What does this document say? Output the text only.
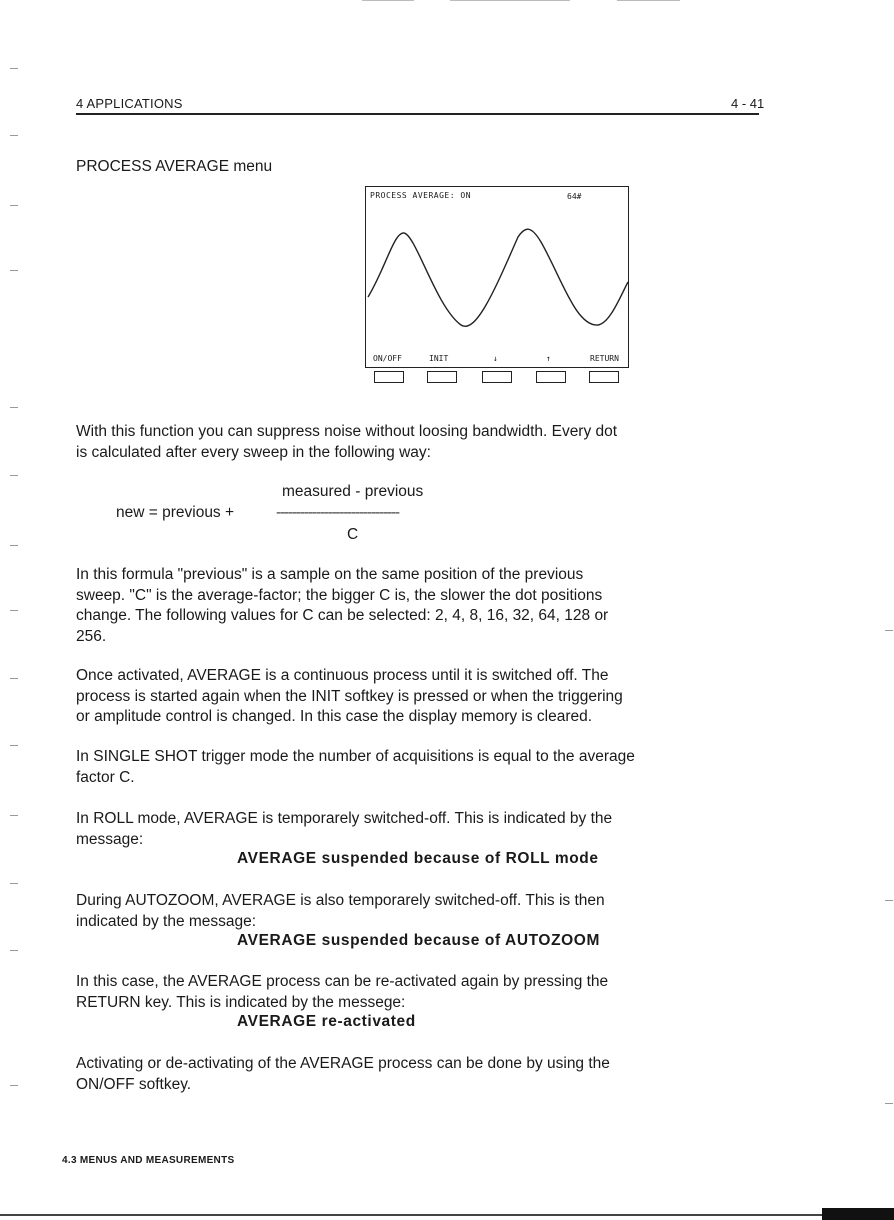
4 APPLICATIONS	4 - 41
PROCESS AVERAGE menu
PROCESS AVERAGE: ON	64#
ON/OFF	INIT	↓	↑	RETURN
With this function you can suppress noise without loosing bandwidth. Every dot
is calculated after every sweep in the following way:
measured - previous
new = previous +	-------------------------------
C
In this formula "previous" is a sample on the same position of the previous
sweep. "C" is the average-factor; the bigger C is, the slower the dot positions
change. The following values for C can be selected: 2, 4, 8, 16, 32, 64, 128 or
256.
Once activated, AVERAGE is a continuous process until it is switched off. The
process is started again when the INIT softkey is pressed or when the triggering
or amplitude control is changed. In this case the display memory is cleared.
In SINGLE SHOT trigger mode the number of acquisitions is equal to the average
factor C.
In ROLL mode, AVERAGE is temporarely switched-off. This is indicated by the
message:
AVERAGE suspended because of ROLL mode
During AUTOZOOM, AVERAGE is also temporarely switched-off. This is then
indicated by the message:
AVERAGE suspended because of AUTOZOOM
In this case, the AVERAGE process can be re-activated again by pressing the
RETURN key. This is indicated by the messege:
AVERAGE re-activated
Activating or de-activating of the AVERAGE process can be done by using the
ON/OFF softkey.
4.3 MENUS AND MEASUREMENTS
